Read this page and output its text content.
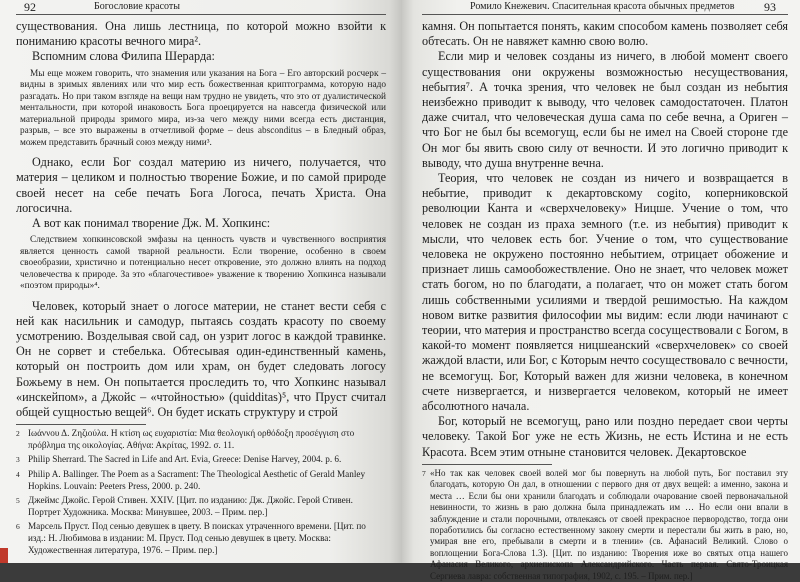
92	Богословие красоты

существования. Она лишь лестница, по которой можно взойти к пониманию красоты вечного мира².

Вспомним слова Филипа Шерарда:

Мы еще можем говорить, что знамения или указания на Бога – Его авторский росчерк – видны в зримых явлениях или что мир есть божественная криптограмма, которую надо разгадать. Но при таком взгляде на вещи нам трудно не увидеть, что это от дуалистической ментальности, при которой инаковость Бога проецируется на навсегда физической или материальной природы зримого мира, из-за чего между ними всегда есть дистанция, разрыв, – все это выражены в отчетливой форме – deus absconditus – в Бледный образ, можем представить брачный союз между ними³.

Однако, если Бог создал материю из ничего, получается, что материя – целиком и полностью творение Божие, и по самой природе своей несет на себе печать Бога Логоса, печать Христа. Она логосична.

А вот как понимал творение Дж. М. Хопкинс:

Следствием хопкинсовской эмфазы на ценность чувств и чувственного восприятия является ценность самой тварной реальности. Если творение, особенно в своем своеобразии, христично и потенциально несет откровение, это должно влиять на подход человечества к природе. За это «благочестивое» уважение к творению Хопкинса называли «поэтом природы»⁴.

Человек, который знает о логосе материи, не станет вести себя с ней как насильник и самодур, пытаясь создать красоту по своему усмотрению. Возделывая свой сад, он узрит логос в каждой травинке. Он не сорвет и стебелька. Обтесывая один-единственный камень, который он построить дом или храм, он будет следовать логосу Божьему в нем. Он попытается проследить то, что Хопкинс называл «инскейпом», а Джойс – «чтойностью» (quidditas)⁵, что Пруст считал общей сущностью вещей⁶. Он будет искать структуру и строй

2 Ιωάννου Δ. Ζηζιούλα. Η κτίση ως ευχαριστία: Μια θεολογική ορθόδοξη προσέγγιση στο πρόβλημα της οικολογίας. Αθήνα: Ακρίτας, 1992. σ. 11.
3 Philip Sherrard. The Sacred in Life and Art. Evia, Greece: Denise Harvey, 2004. p. 6.
4 Philip A. Ballinger. The Poem as a Sacrament: The Theological Aesthetic of Gerald Manley Hopkins. Louvain: Peeters Press, 2000. p. 240.
5 Джеймс Джойс. Герой Стивен. XXIV. [Цит. по изданию: Дж. Джойс. Герой Стивен. Портрет Художника. Москва: Минувшее, 2003. – Прим. пер.]
6 Марсель Пруст. Под сенью девушек в цвету. В поисках утраченного времени. [Цит. по изд.: Н. Любимова в издании: М. Пруст. Под сенью девушек в цвету. Москва: Художественная литература, 1976. – Прим. пер.]
Ромило Кнежевич. Спасительная красота обычных предметов 93

камня. Он попытается понять, каким способом камень позволяет себя обтесать. Он не навяжет камню свою волю.

Если мир и человек созданы из ничего, в любой момент своего существования они окружены возможностью несуществования, небытия⁷. А точка зрения, что человек не был создан из небытия неизбежно приводит к выводу, что человек самодостаточен. Платон даже считал, что человеческая душа сама по себе вечна, а Ориген – что Бог не был бы всемогущ, если бы не имел на Своей стороне где Он мог бы явить свою силу от вечности. И это логично приводит к выводу, что душа внутренне вечна.

Теория, что человек не создан из ничего и возвращается в небытие, приводит к декартовскому cogito, коперниковской революции Канта и «сверхчеловеку» Ницше. Учение о том, что человек не создан из праха земного (т.е. из небытия) приводит к мысли, что человек есть бог. Учение о том, что существование человека не окружено постоянно небытием, отрицает обожение и признает лишь самообожествление. Оно не знает, что человек может стать богом, но по благодати, а полагает, что он может стать богом лишь собственными усилиями и твердой решимостью. На каждом новом витке развития философии мы видим: если люди начинают с теории, что материя и пространство всегда сосуществовали с Богом, в какой-то момент появляется ницшеанский «сверхчеловек» со своей жаждой власти, или Бог, с Которым нечто сосуществовало с вечности, не всемогущ. Бог, Который важен для жизни человека, в конечном счете низвергается, и низвергается человеком, который не имеет абсолютного начала.

Бог, который не всемогущ, рано или поздно передает свои черты человеку. Такой Бог уже не есть Жизнь, не есть Истина и не есть Красота. Всем этим отныне становится человек. Декартовское

7 «Но так как человек своей волей мог бы повернуть на любой путь, Бог поставил эту благодать, которую Он дал, в отношении с первого дня от двух вещей: а именно, закона и места … Если бы они хранили благодать и соблюдали очарование своей первоначальной невинности, то жизнь в раю должна была принадлежать им … Но если они впали в заблуждение и стали порочными, отвлекаясь от своей прекрасное первородство, тогда они поработились бы согласно естественному закону смерти и перестали бы жить в раю, но, умирая вне его, пребывали в смерти и в тлении» (св. Афанасий Великий. Слово о воплощении Бога-Слова 1.3). [Цит. по изданию: Творения иже во святых отца нашего Афанасия Великого, архиепископа Александрийского. Часть первая. Свято-Троицкая Сергиева лавра: собственная типография, 1902, с. 195. – Прим. пер.]
